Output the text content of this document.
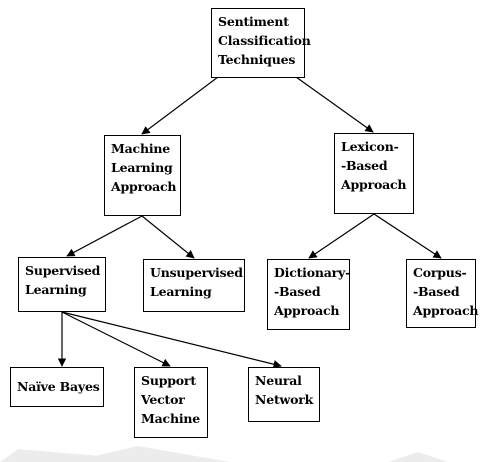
Sentiment
Classification
Techniques
Machine
Learning
Approach
Lexicon-
-Based
Approach
Supervised
Learning
Unsupervised
Learning
Dictionary-
-Based
Approach
Corpus-
-Based
Approach
Naïve Bayes	Support
Vector
Machine
Neural
Network
